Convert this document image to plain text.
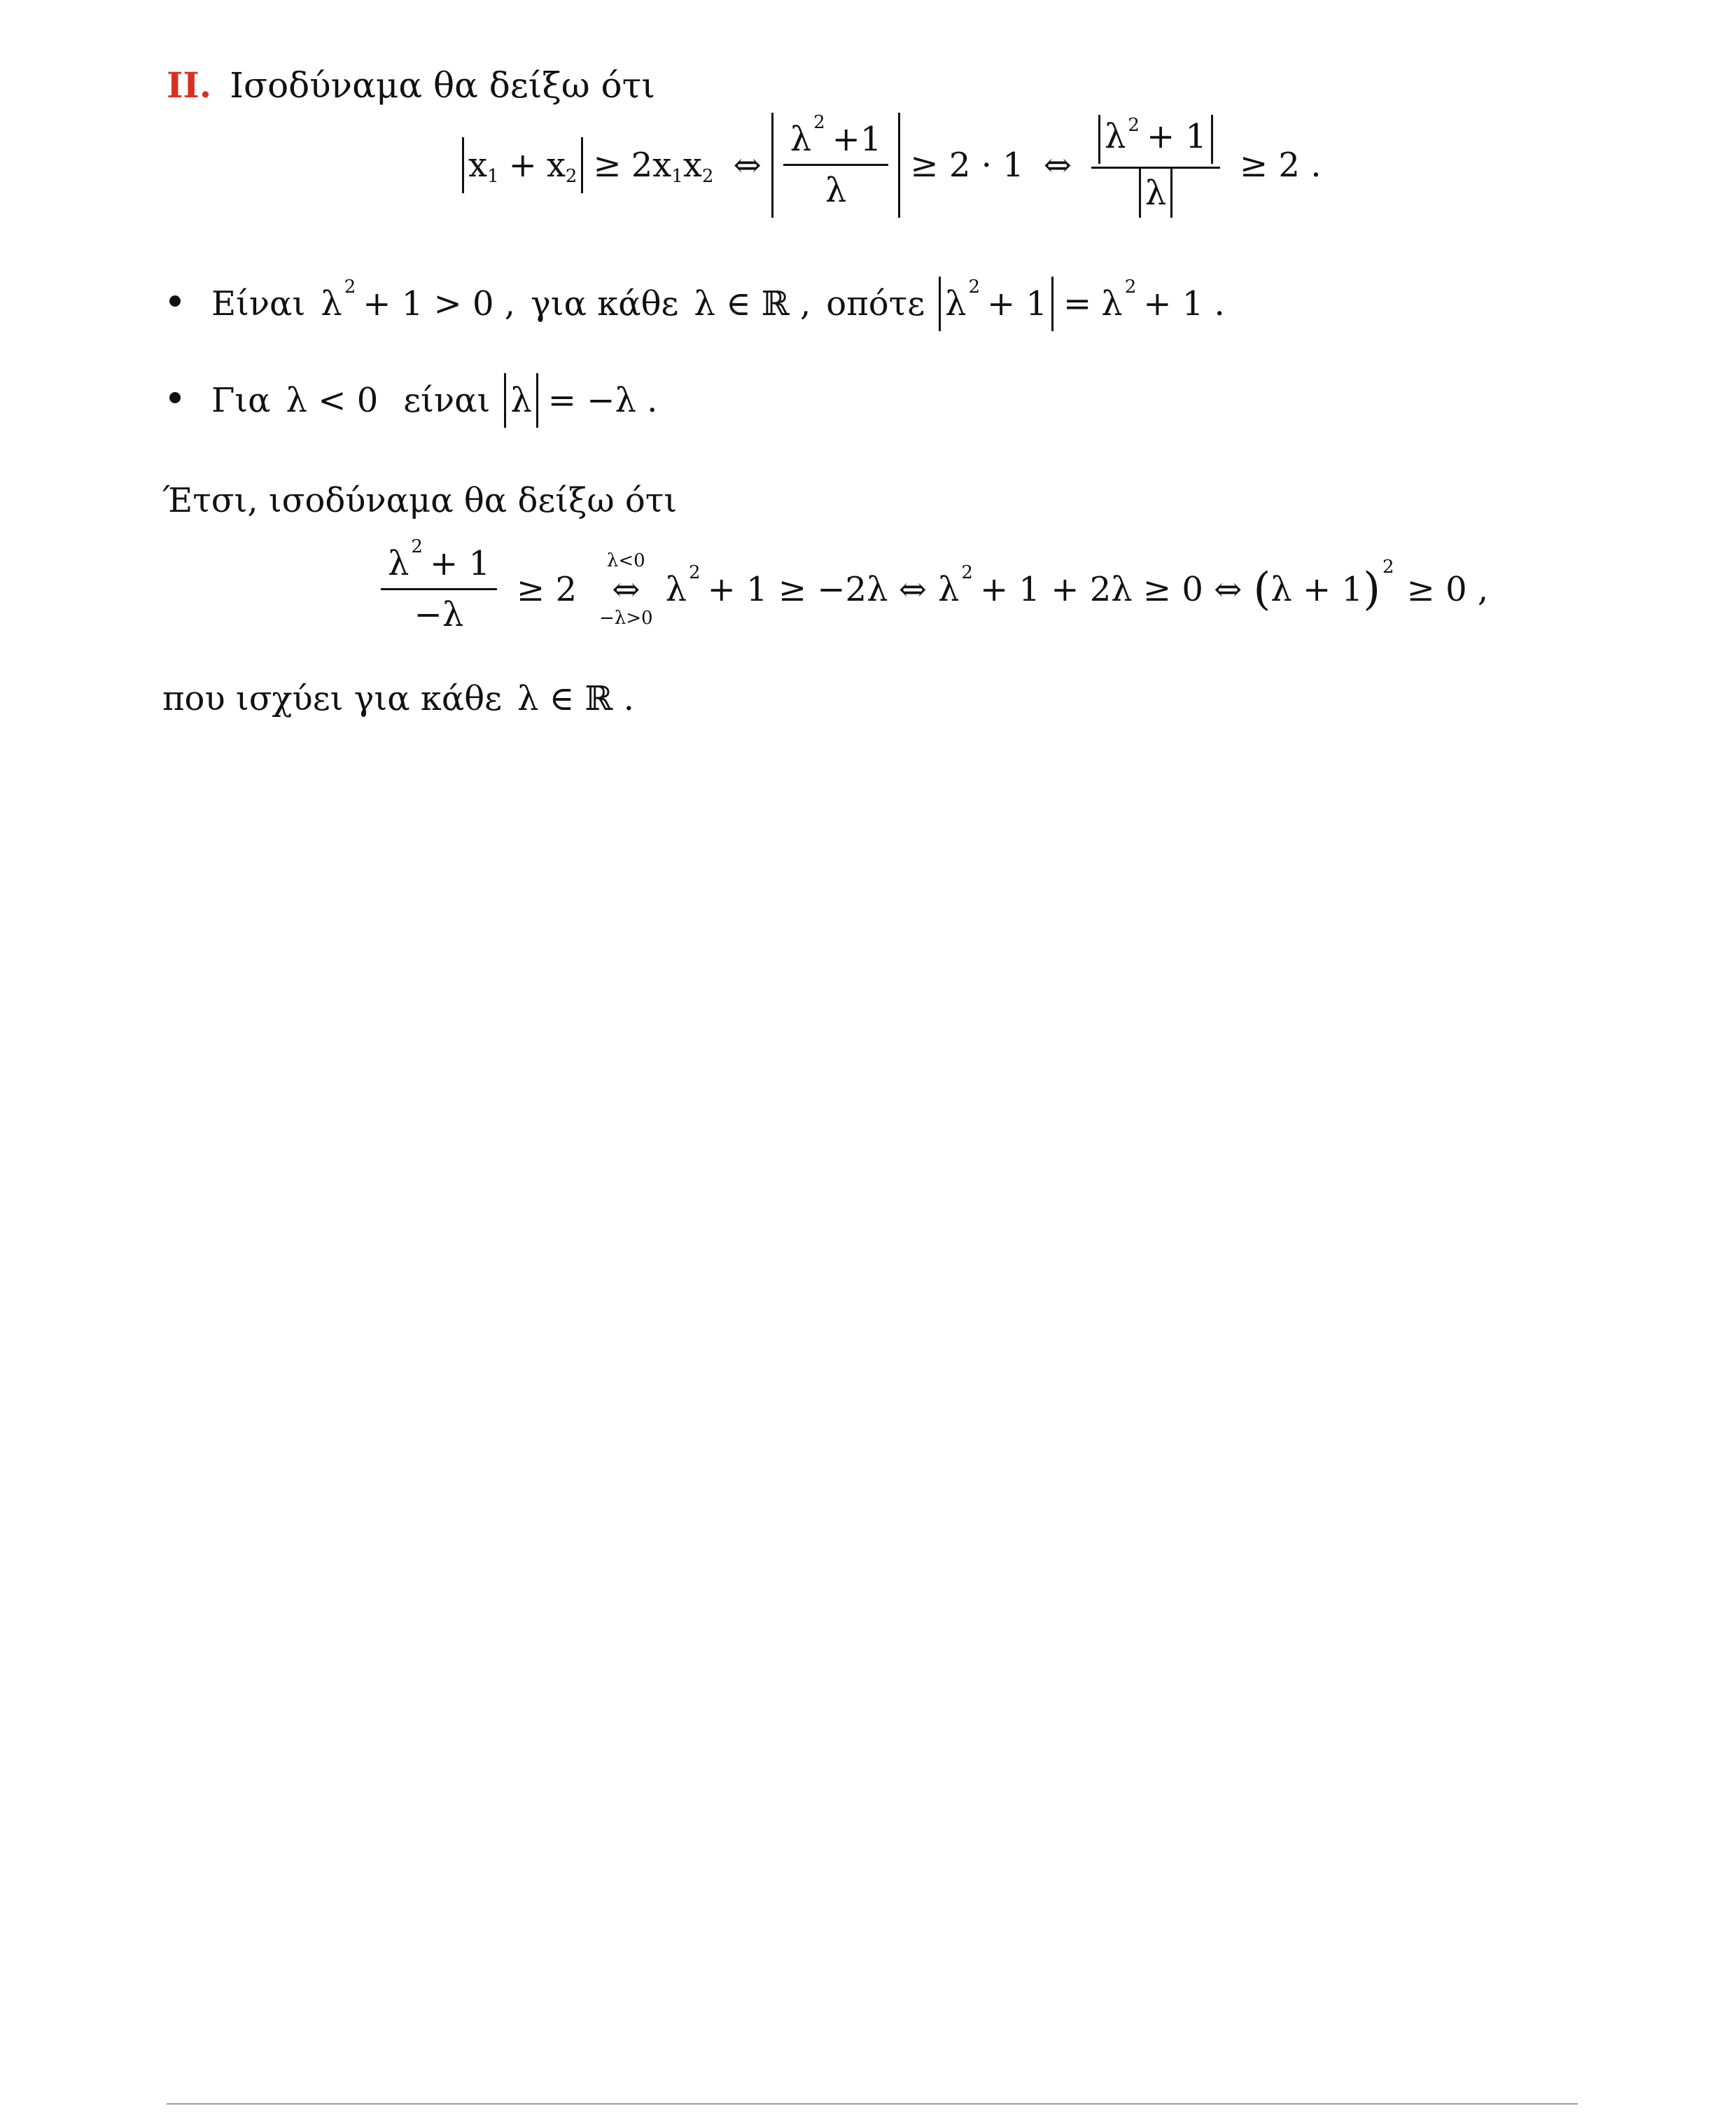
II. Ισοδύναμα θα δείξω ότι
x 1 + x 2 ≥ 2x 1 x 2 ⇔ $\frac{\lambda 2 +1}{\lambda} \ge 2 \cdot 1$ ⇔ $\frac{\lambda ^2 + 1}{\lambda} \ge 2$ .
Είναι λ 2 + 1 > 0 , για κάθε λ ∈ ℝ , οπότε λ 2 + 1 = λ 2 + 1 .
Για λ < 0 είναι λ = −λ .
Έτσι, ισοδύναμα θα δείξω ότι
$\frac{\lambda 2 + 1}{-\lambda} \ge 2$
λ<0
⇔
−λ>0
λ 2 + 1 ≥ −2λ ⇔ λ 2 + 1 + 2λ ≥ 0 ⇔ ( λ + 1 ) 2
≥ 0 ,
που ισχύει για κάθε λ ∈ ℝ .
